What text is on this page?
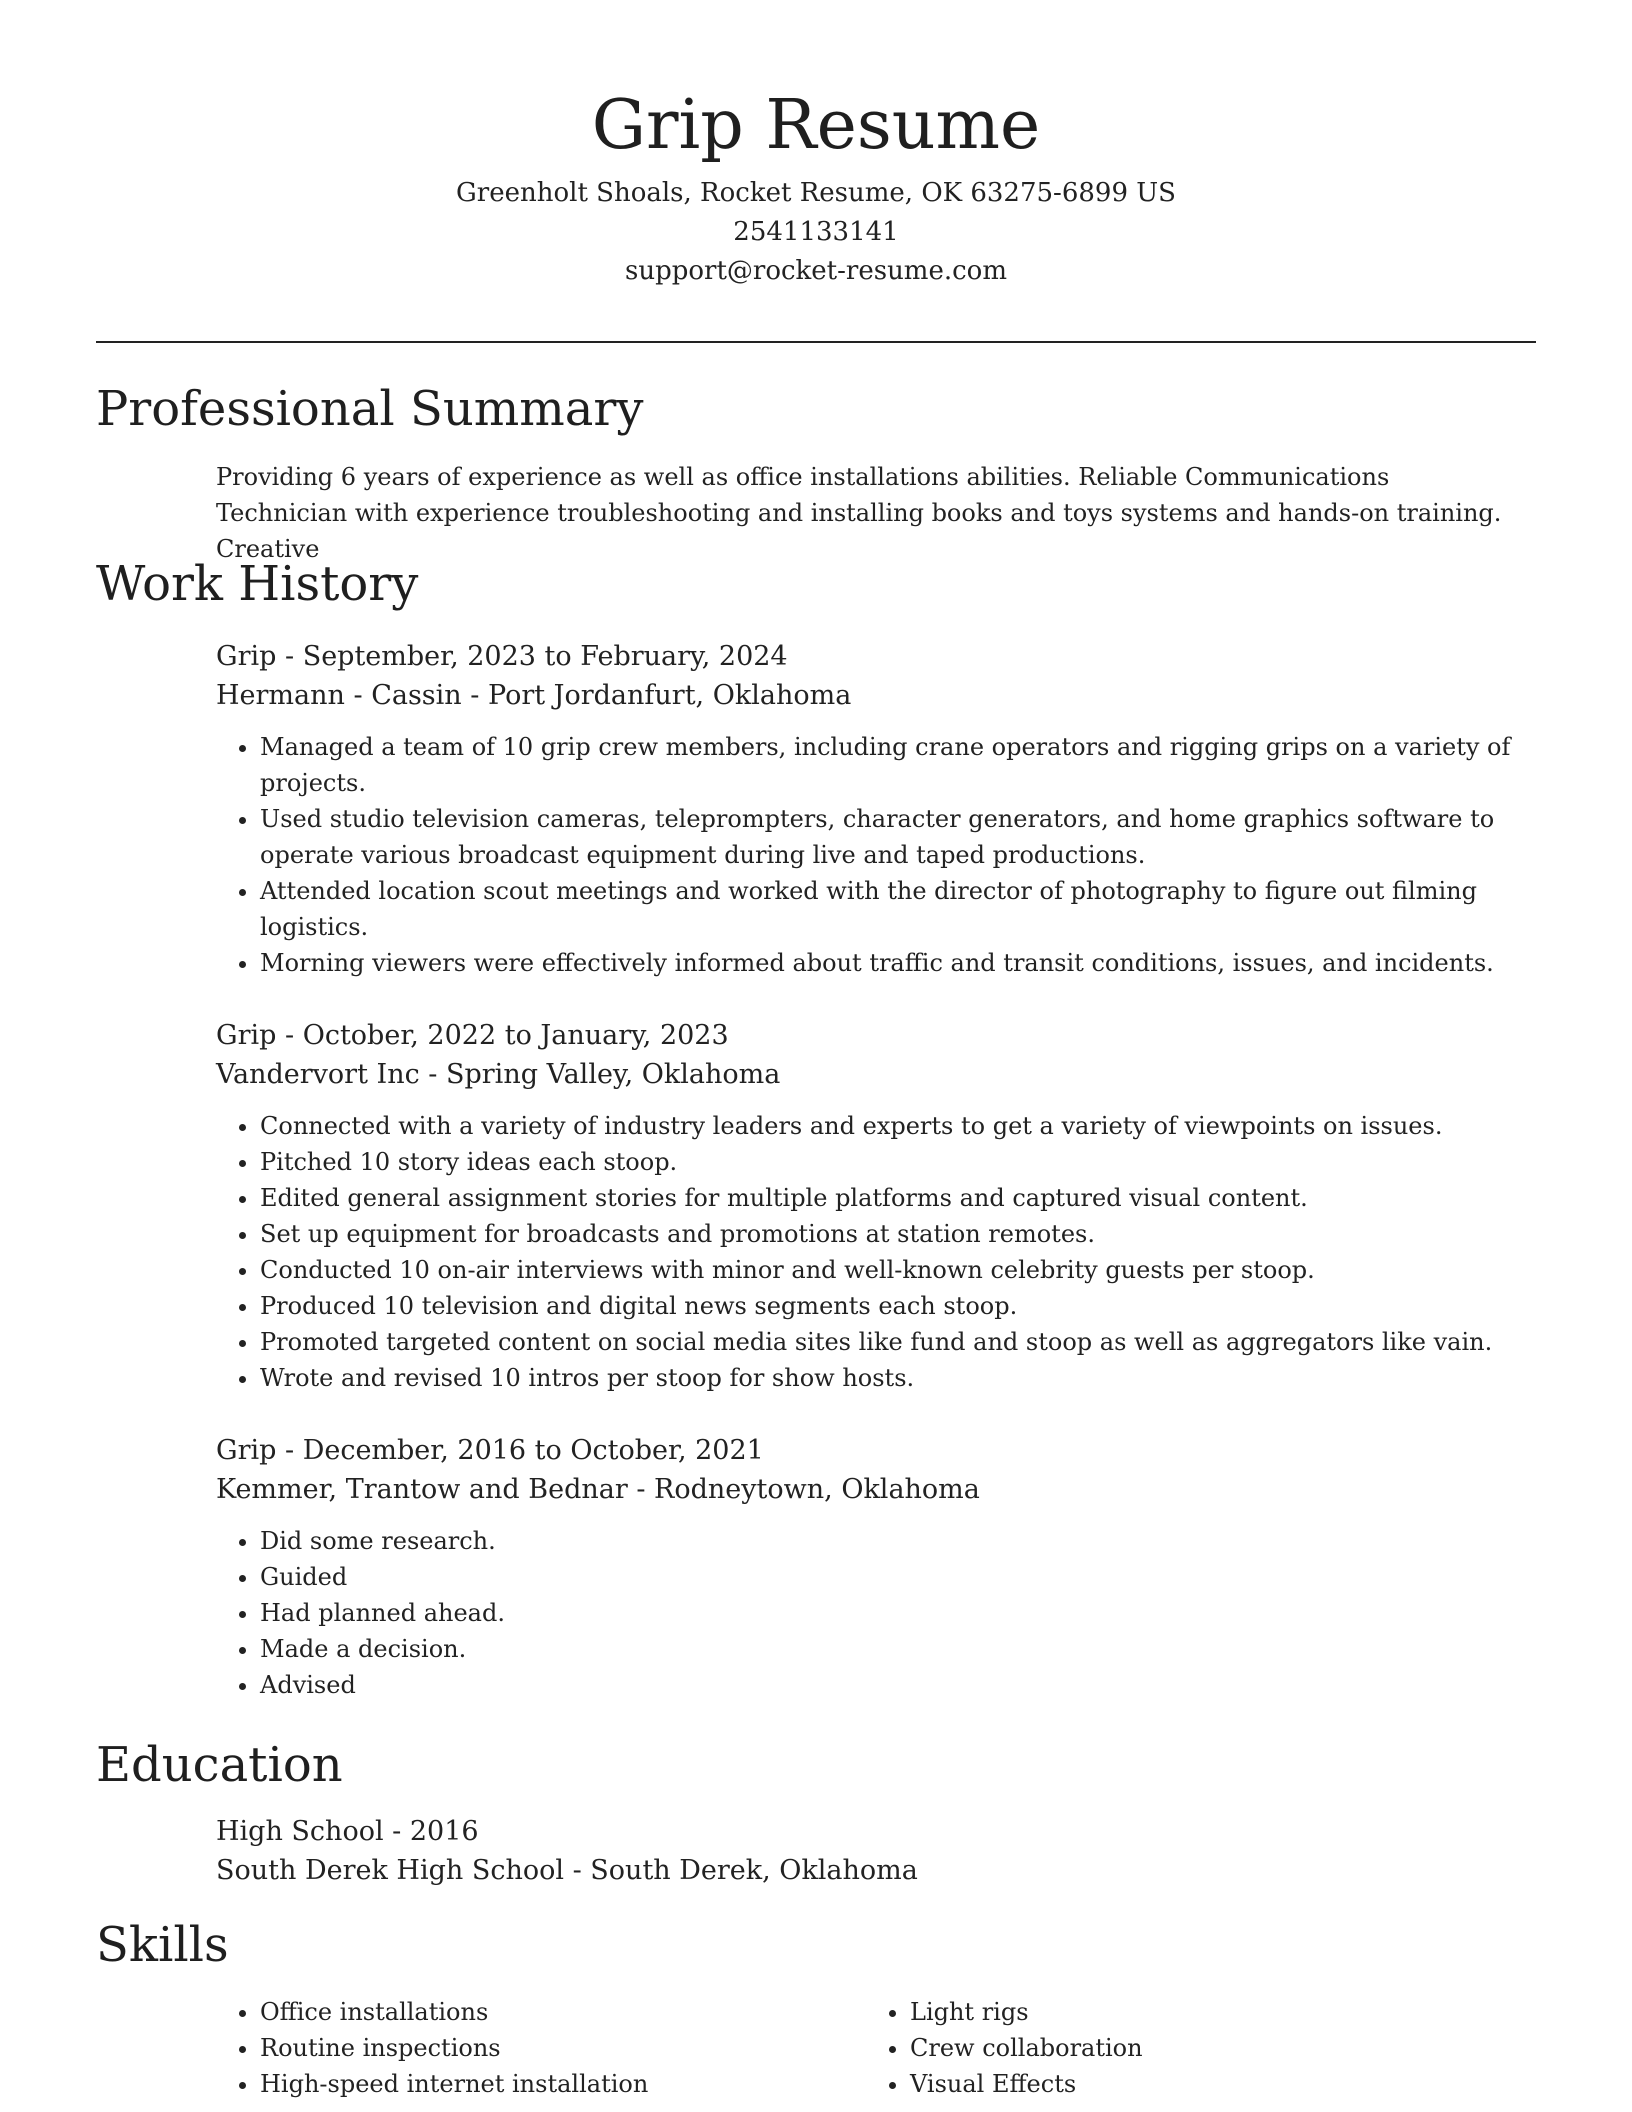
Grip Resume
Greenholt Shoals, Rocket Resume, OK 63275-6899 US
2541133141
support@rocket-resume.com
Professional Summary
Providing 6 years of experience as well as office installations abilities. Reliable Communications Technician with experience troubleshooting and installing books and toys systems and hands-on training. Creative
Work History
Grip - September, 2023 to February, 2024
Hermann - Cassin - Port Jordanfurt, Oklahoma
• Managed a team of 10 grip crew members, including crane operators and rigging grips on a variety of projects.
• Used studio television cameras, teleprompters, character generators, and home graphics software to operate various broadcast equipment during live and taped productions.
• Attended location scout meetings and worked with the director of photography to figure out filming logistics.
• Morning viewers were effectively informed about traffic and transit conditions, issues, and incidents.
Grip - October, 2022 to January, 2023
Vandervort Inc - Spring Valley, Oklahoma
• Connected with a variety of industry leaders and experts to get a variety of viewpoints on issues.
• Pitched 10 story ideas each stoop.
• Edited general assignment stories for multiple platforms and captured visual content.
• Set up equipment for broadcasts and promotions at station remotes.
• Conducted 10 on-air interviews with minor and well-known celebrity guests per stoop.
• Produced 10 television and digital news segments each stoop.
• Promoted targeted content on social media sites like fund and stoop as well as aggregators like vain.
• Wrote and revised 10 intros per stoop for show hosts.
Grip - December, 2016 to October, 2021
Kemmer, Trantow and Bednar - Rodneytown, Oklahoma
• Did some research.
• Guided
• Had planned ahead.
• Made a decision.
• Advised
Education
High School - 2016
South Derek High School - South Derek, Oklahoma
Skills
• Office installations
• Routine inspections
• High-speed internet installation
• Light rigs
• Crew collaboration
• Visual Effects
